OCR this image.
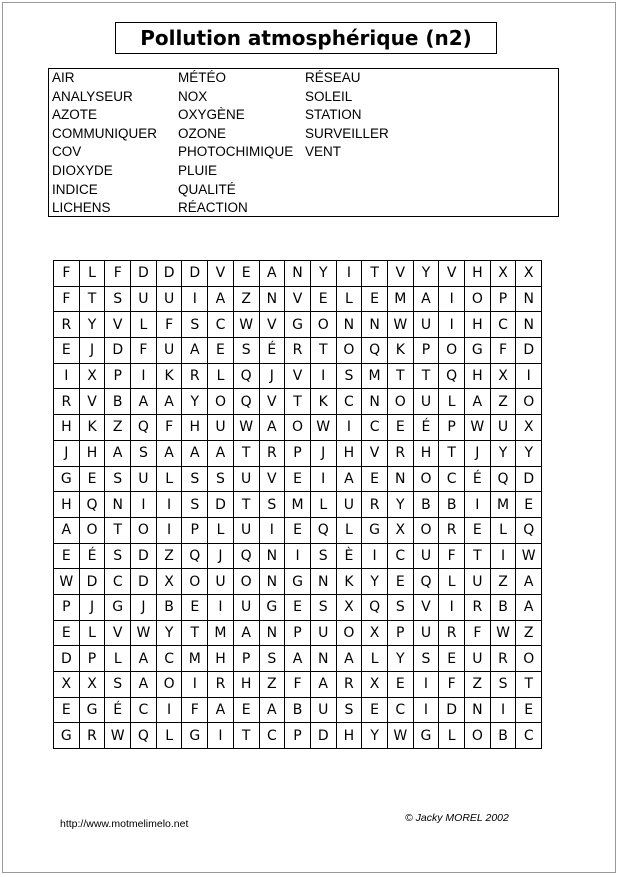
Pollution atmosphérique (n2)
AIR
ANALYSEUR
AZOTE
COMMUNIQUER
COV
DIOXYDE
INDICE
LICHENS
MÉTÉO
NOX
OXYGÈNE
OZONE
PHOTOCHIMIQUE
PLUIE
QUALITÉ
RÉACTION
RÉSEAU
SOLEIL
STATION
SURVEILLER
VENT
F	L	F	D	D	D	V	E	A	N	Y	I	T	V	Y	V	H	X	X
F	T	S	U	U	I	A	Z	N	V	E	L	E	M	A	I	O	P	N
R	Y	V	L	F	S	C	W	V	G	O	N	N	W	U	I	H	C	N
E	J	D	F	U	A	E	S	É	R	T	O	Q	K	P	O	G	F	D
I	X	P	I	K	R	L	Q	J	V	I	S	M	T	T	Q	H	X	I
R	V	B	A	A	Y	O	Q	V	T	K	C	N	O	U	L	A	Z	O
H	K	Z	Q	F	H	U	W	A	O	W	I	C	E	É	P	W	U	X
J	H	A	S	A	A	A	T	R	P	J	H	V	R	H	T	J	Y	Y
G	E	S	U	L	S	S	U	V	E	I	A	E	N	O	C	É	Q	D
H	Q	N	I	I	S	D	T	S	M	L	U	R	Y	B	B	I	M	E
A	O	T	O	I	P	L	U	I	E	Q	L	G	X	O	R	E	L	Q
E	É	S	D	Z	Q	J	Q	N	I	S	È	I	C	U	F	T	I	W
W	D	C	D	X	O	U	O	N	G	N	K	Y	E	Q	L	U	Z	A
P	J	G	J	B	E	I	U	G	E	S	X	Q	S	V	I	R	B	A
E	L	V	W	Y	T	M	A	N	P	U	O	X	P	U	R	F	W	Z
D	P	L	A	C	M	H	P	S	A	N	A	L	Y	S	E	U	R	O
X	X	S	A	O	I	R	H	Z	F	A	R	X	E	I	F	Z	S	T
E	G	É	C	I	F	A	E	A	B	U	S	E	C	I	D	N	I	E
G	R	W	Q	L	G	I	T	C	P	D	H	Y	W	G	L	O	B	C
http://www.motmelimelo.net	© Jacky MOREL 2002
